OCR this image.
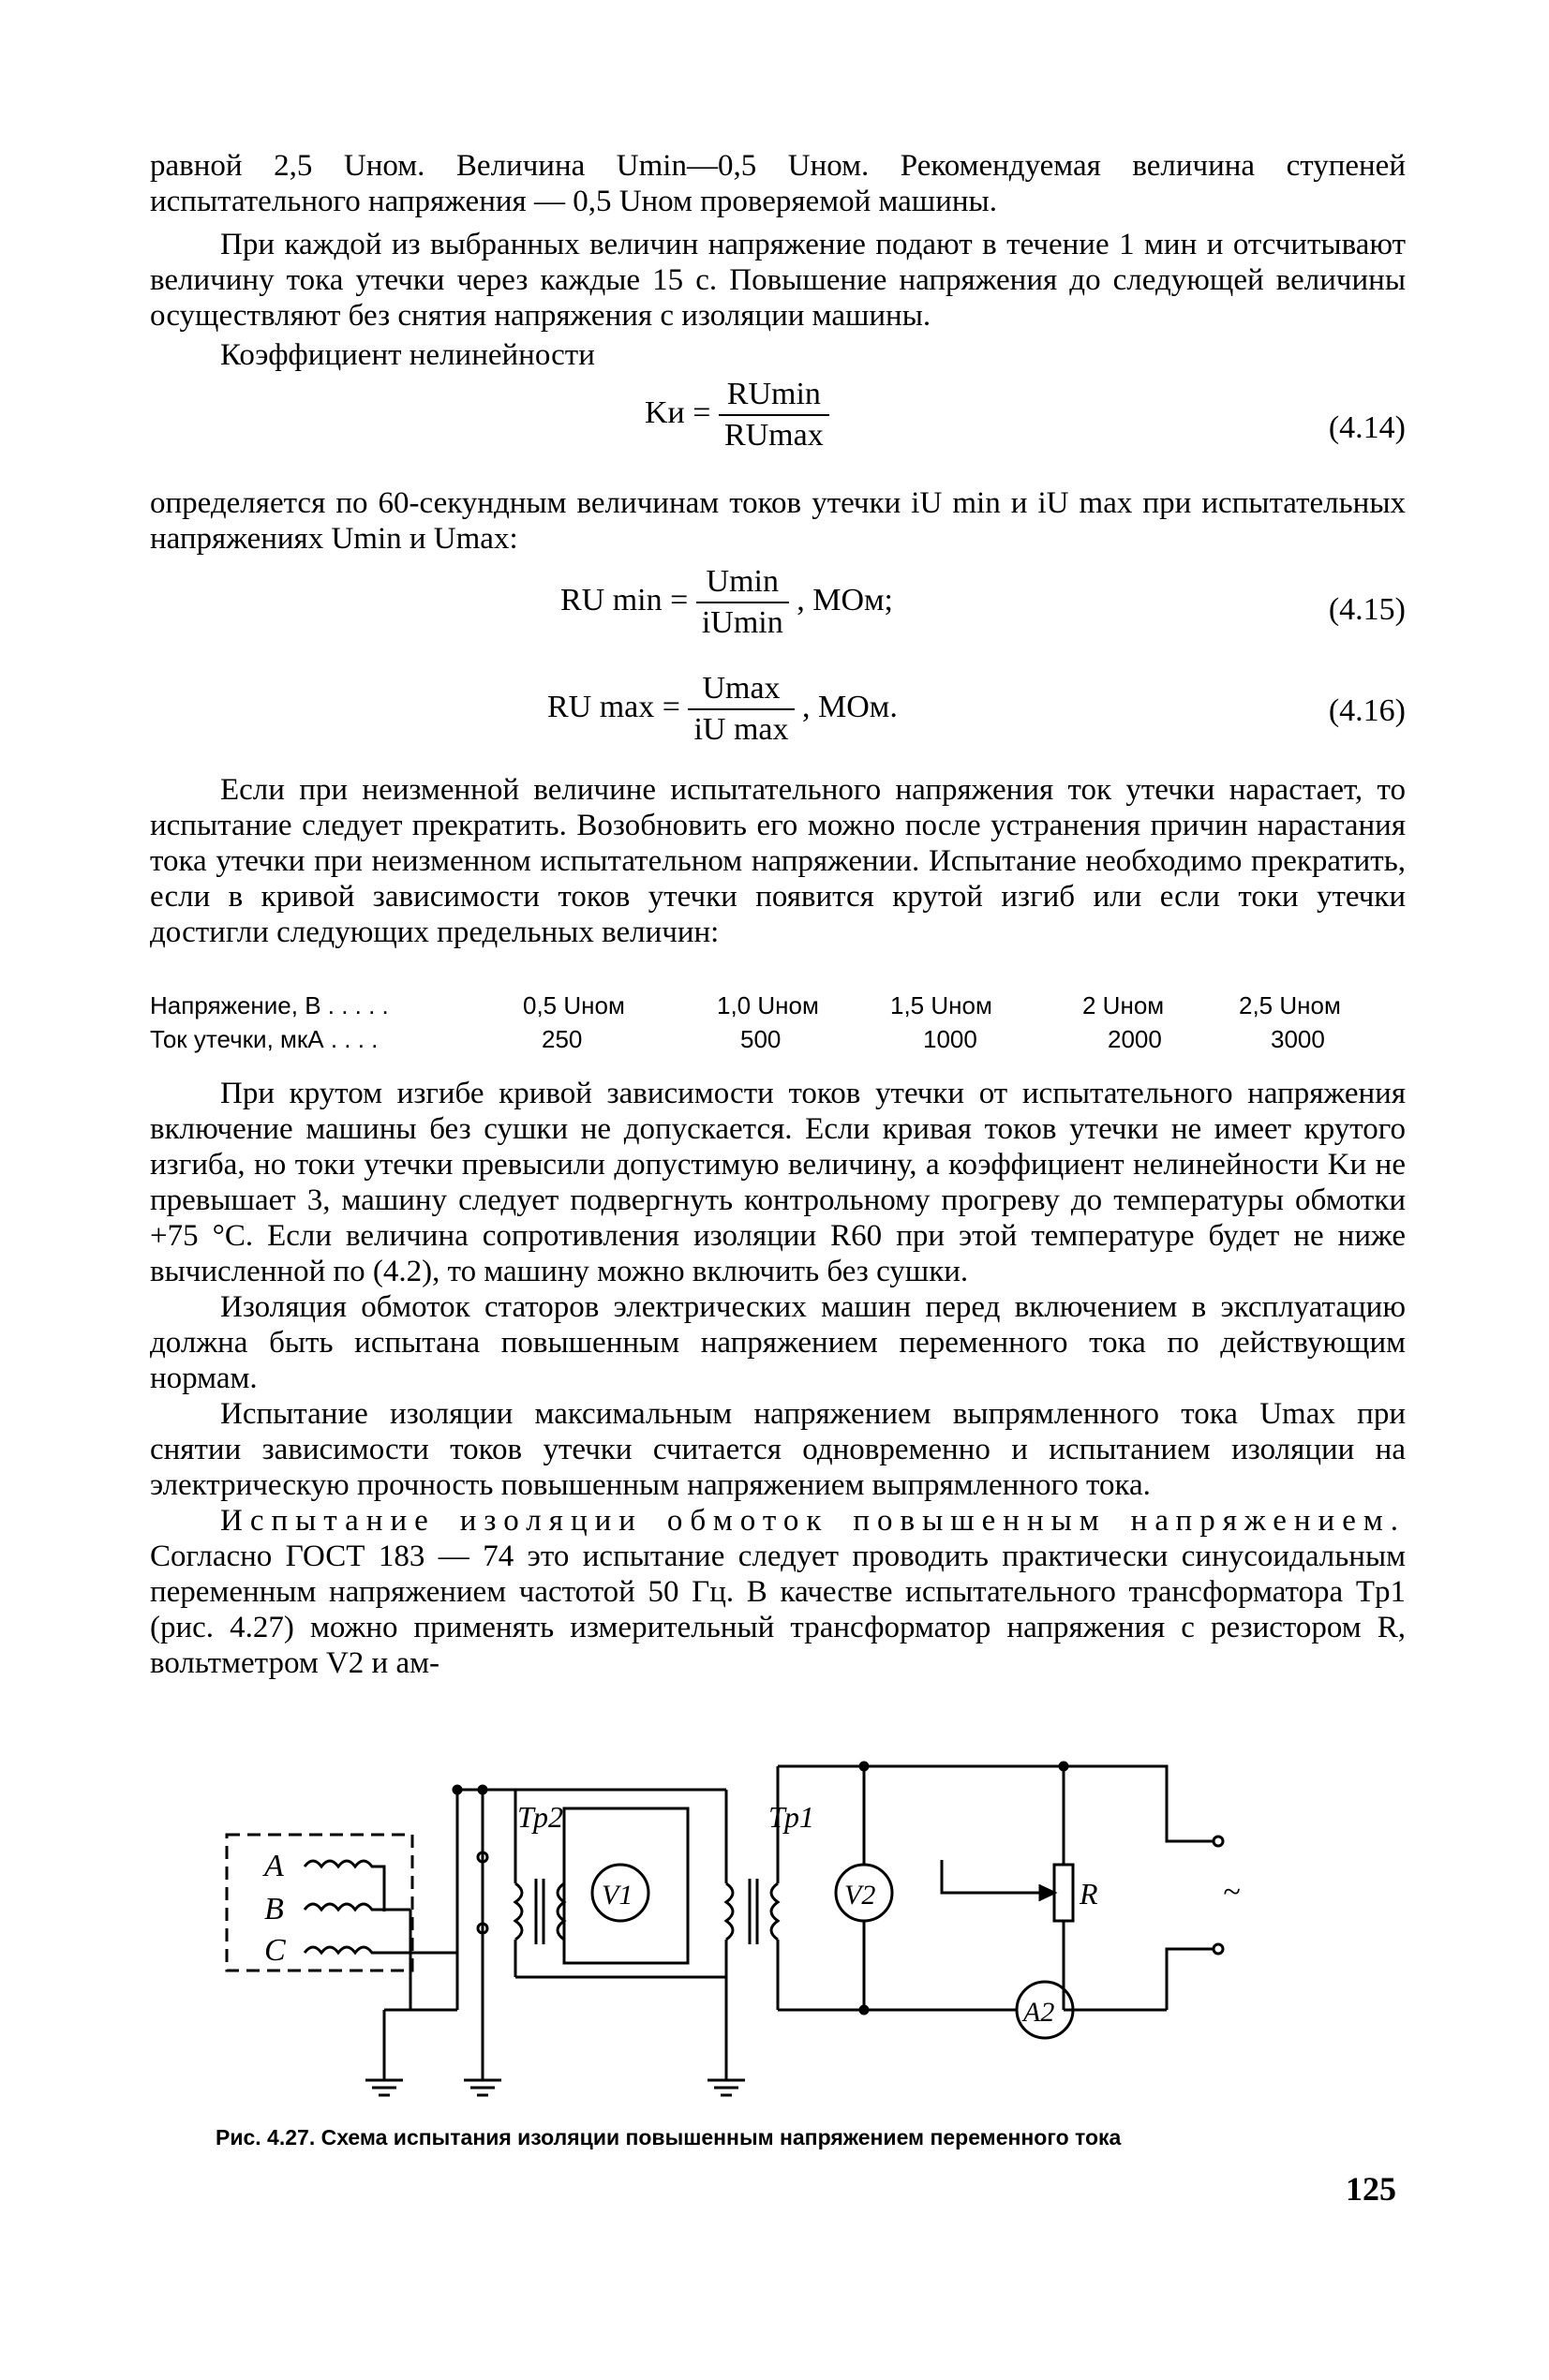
равной 2,5 Uном. Величина Umin—0,5 Uном. Рекомендуемая величина ступеней испытательного напряжения — 0,5 Uном проверяемой машины.

При каждой из выбранных величин напряжение подают в течение 1 мин и отсчитывают величину тока утечки через каждые 15 с. Повышение напряжения до следующей величины осуществляют без снятия напряжения с изоляции машины.

Коэффициент нелинейности

Kи = $\frac{RUmin}{RUmax}$	(4.14)

определяется по 60-секундным величинам токов утечки iU min и iU max при испытательных напряжениях Umin и Umax:

RU $\min = \frac{Umin}{iUmin}$ , МОм;	(4.15)
RU $\max = \frac{Umax}{\text{iU max}}$ , МОм.	(4.16)

Если при неизменной величине испытательного напряжения ток утечки нарастает, то испытание следует прекратить. Возобновить его можно после устранения причин нарастания тока утечки при неизменном испытательном напряжении. Испытание необходимо прекратить, если в кривой зависимости токов утечки появится крутой изгиб или если токи утечки достигли следующих предельных величин:

Напряжение, В . . . . .	0,5 Uном	1,0 Uном	1,5 Uном	2 Uном	2,5 Uном
Ток утечки, мкА . . . .	250	500	1000	2000	3000

При крутом изгибе кривой зависимости токов утечки от испытательного напряжения включение машины без сушки не допускается. Если кривая токов утечки не имеет крутого изгиба, но токи утечки превысили допустимую величину, а коэффициент нелинейности Kи не превышает 3, машину следует подвергнуть контрольному прогреву до температуры обмотки +75 °С. Если величина сопротивления изоляции R60 при этой температуре будет не ниже вычисленной по (4.2), то машину можно включить без сушки.

Изоляция обмоток статоров электрических машин перед включением в эксплуатацию должна быть испытана повышенным напряжением переменного тока по действующим нормам.

Испытание изоляции максимальным напряжением выпрямленного тока Umax при снятии зависимости токов утечки считается одновременно и испытанием изоляции на электрическую прочность повышенным напряжением выпрямленного тока.

Испытание изоляции обмоток повышенным напряжением. Согласно ГОСТ 183 — 74 это испытание следует проводить практически синусоидальным переменным напряжением частотой 50 Гц. В качестве испытательного трансформатора Tp1 (рис. 4.27) можно применять измерительный трансформатор напряжения с резистором R, вольтметром V2 и ам-

А
В
С
Тр2
V1
Тр1
V2
A2
R	~
Рис. 4.27. Схема испытания изоляции повышенным напряжением переменного тока
125
